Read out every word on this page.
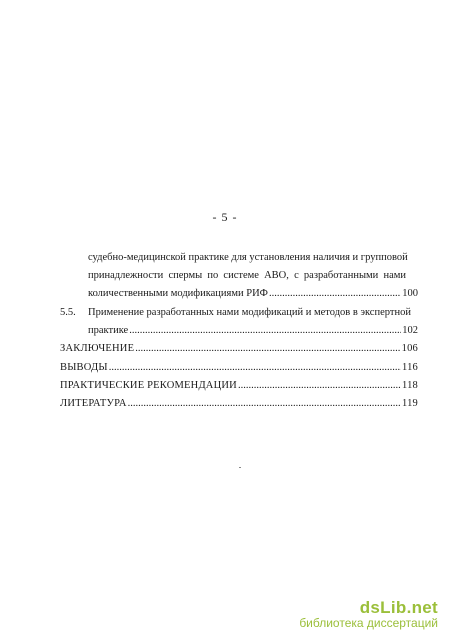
- 5 -
судебно-медицинской практике для установления наличия и групповой
принадлежности спермы по системе АВО, с разработанными нами
количественными модификациями РИФ .....	100
5.5. Применение разработанных нами модификаций и методов в экспертной
практике .....	102
ЗАКЛЮЧЕНИЕ .....	106
ВЫВОДЫ .....	116
ПРАКТИЧЕСКИЕ РЕКОМЕНДАЦИИ .....	118
ЛИТЕРАТУРА .....	119
dsLib.net
библиотека диссертаций
